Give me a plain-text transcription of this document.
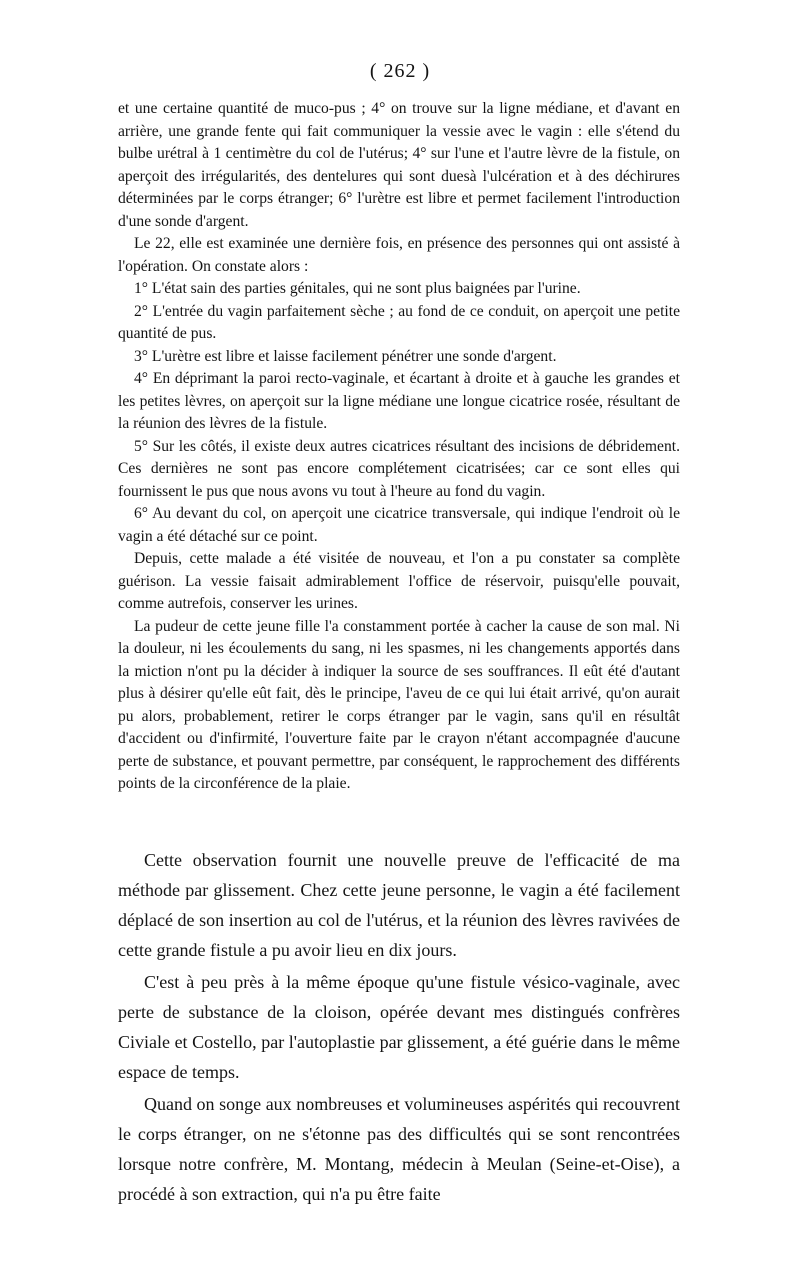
( 262 )

et une certaine quantité de muco-pus ; 4° on trouve sur la ligne médiane, et d'avant en arrière, une grande fente qui fait communiquer la vessie avec le vagin : elle s'étend du bulbe urétral à 1 centimètre du col de l'utérus; 4° sur l'une et l'autre lèvre de la fistule, on aperçoit des irrégularités, des dentelures qui sont duesà l'ulcération et à des déchirures déterminées par le corps étranger; 6° l'urètre est libre et permet facilement l'introduction d'une sonde d'argent.

Le 22, elle est examinée une dernière fois, en présence des personnes qui ont assisté à l'opération. On constate alors :

1° L'état sain des parties génitales, qui ne sont plus baignées par l'urine.

2° L'entrée du vagin parfaitement sèche ; au fond de ce conduit, on aperçoit une petite quantité de pus.

3° L'urètre est libre et laisse facilement pénétrer une sonde d'argent.

4° En déprimant la paroi recto-vaginale, et écartant à droite et à gauche les grandes et les petites lèvres, on aperçoit sur la ligne médiane une longue cicatrice rosée, résultant de la réunion des lèvres de la fistule.

5° Sur les côtés, il existe deux autres cicatrices résultant des incisions de débridement. Ces dernières ne sont pas encore complétement cicatrisées; car ce sont elles qui fournissent le pus que nous avons vu tout à l'heure au fond du vagin.

6° Au devant du col, on aperçoit une cicatrice transversale, qui indique l'endroit où le vagin a été détaché sur ce point.

Depuis, cette malade a été visitée de nouveau, et l'on a pu constater sa complète guérison. La vessie faisait admirablement l'office de réservoir, puisqu'elle pouvait, comme autrefois, conserver les urines.

La pudeur de cette jeune fille l'a constamment portée à cacher la cause de son mal. Ni la douleur, ni les écoulements du sang, ni les spasmes, ni les changements apportés dans la miction n'ont pu la décider à indiquer la source de ses souffrances. Il eût été d'autant plus à désirer qu'elle eût fait, dès le principe, l'aveu de ce qui lui était arrivé, qu'on aurait pu alors, probablement, retirer le corps étranger par le vagin, sans qu'il en résultât d'accident ou d'infirmité, l'ouverture faite par le crayon n'étant accompagnée d'aucune perte de substance, et pouvant permettre, par conséquent, le rapprochement des différents points de la circonférence de la plaie.

Cette observation fournit une nouvelle preuve de l'efficacité de ma méthode par glissement. Chez cette jeune personne, le vagin a été facilement déplacé de son insertion au col de l'utérus, et la réunion des lèvres ravivées de cette grande fistule a pu avoir lieu en dix jours.

C'est à peu près à la même époque qu'une fistule vésico-vaginale, avec perte de substance de la cloison, opérée devant mes distingués confrères Civiale et Costello, par l'autoplastie par glissement, a été guérie dans le même espace de temps.

Quand on songe aux nombreuses et volumineuses aspérités qui recouvrent le corps étranger, on ne s'étonne pas des difficultés qui se sont rencontrées lorsque notre confrère, M. Montang, médecin à Meulan (Seine-et-Oise), a procédé à son extraction, qui n'a pu être faite
